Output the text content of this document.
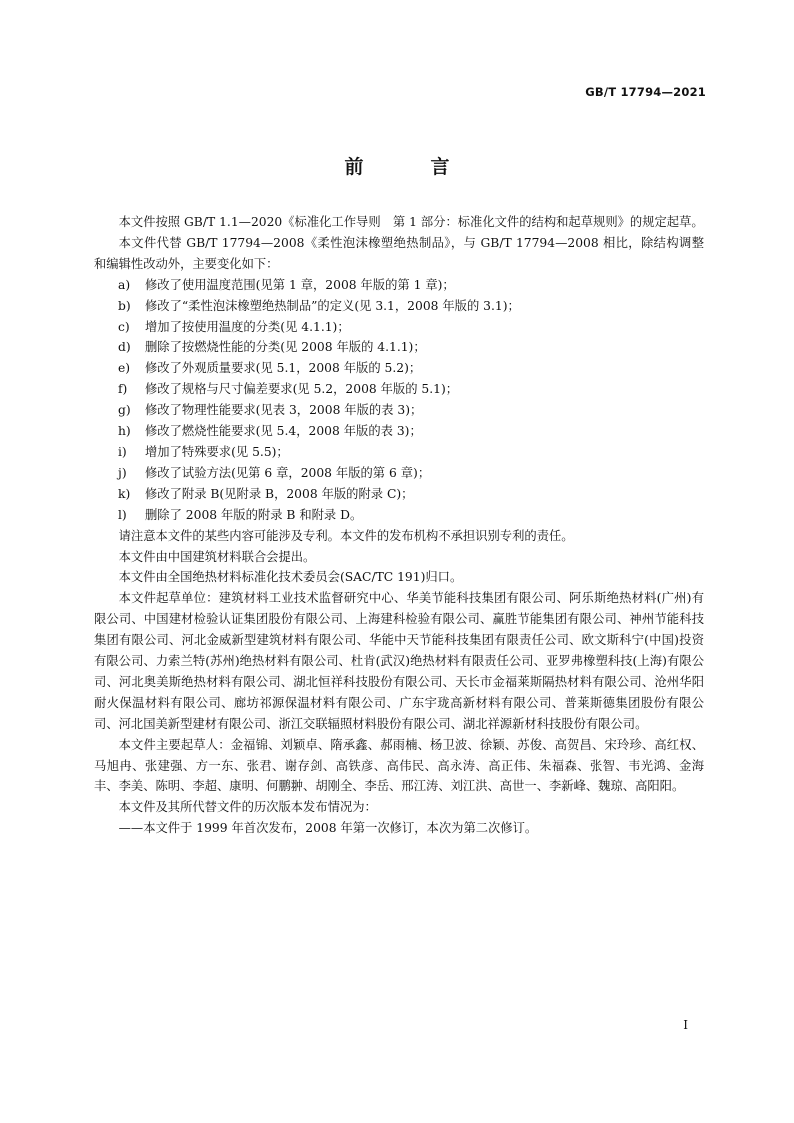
GB/T 17794—2021
前　言

本文件按照 GB/T 1.1—2020《标准化工作导则　第 1 部分：标准化文件的结构和起草规则》的规定起草。

本文件代替 GB/T 17794—2008《柔性泡沫橡塑绝热制品》，与 GB/T 17794—2008 相比，除结构调整和编辑性改动外，主要变化如下：

a)	修改了使用温度范围(见第 1 章，2008 年版的第 1 章)；
b)	修改了“柔性泡沫橡塑绝热制品”的定义(见 3.1，2008 年版的 3.1)；
c)	增加了按使用温度的分类(见 4.1.1)；
d)	删除了按燃烧性能的分类(见 2008 年版的 4.1.1)；
e)	修改了外观质量要求(见 5.1，2008 年版的 5.2)；
f)	修改了规格与尺寸偏差要求(见 5.2，2008 年版的 5.1)；
g)	修改了物理性能要求(见表 3，2008 年版的表 3)；
h)	修改了燃烧性能要求(见 5.4，2008 年版的表 3)；
i)	增加了特殊要求(见 5.5)；
j)	修改了试验方法(见第 6 章，2008 年版的第 6 章)；
k)	修改了附录 B(见附录 B，2008 年版的附录 C)；
l)	删除了 2008 年版的附录 B 和附录 D。

请注意本文件的某些内容可能涉及专利。本文件的发布机构不承担识别专利的责任。

本文件由中国建筑材料联合会提出。

本文件由全国绝热材料标准化技术委员会(SAC/TC 191)归口。

本文件起草单位：建筑材料工业技术监督研究中心、华美节能科技集团有限公司、阿乐斯绝热材料(广州)有限公司、中国建材检验认证集团股份有限公司、上海建科检验有限公司、赢胜节能集团有限公司、神州节能科技集团有限公司、河北金威新型建筑材料有限公司、华能中天节能科技集团有限责任公司、欧文斯科宁(中国)投资有限公司、力索兰特(苏州)绝热材料有限公司、杜肯(武汉)绝热材料有限责任公司、亚罗弗橡塑科技(上海)有限公司、河北奥美斯绝热材料有限公司、湖北恒祥科技股份有限公司、天长市金福莱斯隔热材料有限公司、沧州华阳耐火保温材料有限公司、廊坊祁源保温材料有限公司、广东宇珑高新材料有限公司、普莱斯德集团股份有限公司、河北国美新型建材有限公司、浙江交联辐照材料股份有限公司、湖北祥源新材科技股份有限公司。

本文件主要起草人：金福锦、刘颖卓、隋承鑫、郝雨楠、杨卫波、徐颖、苏俊、高贺昌、宋玲珍、高红权、马旭冉、张建强、方一东、张君、谢存剑、高铁彦、高伟民、高永涛、高正伟、朱福森、张智、韦光鸿、金海丰、李美、陈明、李超、康明、何鹏翀、胡刚全、李岳、邢江涛、刘江洪、高世一、李新峰、魏琼、高阳阳。

本文件及其所代替文件的历次版本发布情况为：

——本文件于 1999 年首次发布，2008 年第一次修订，本次为第二次修订。

I
